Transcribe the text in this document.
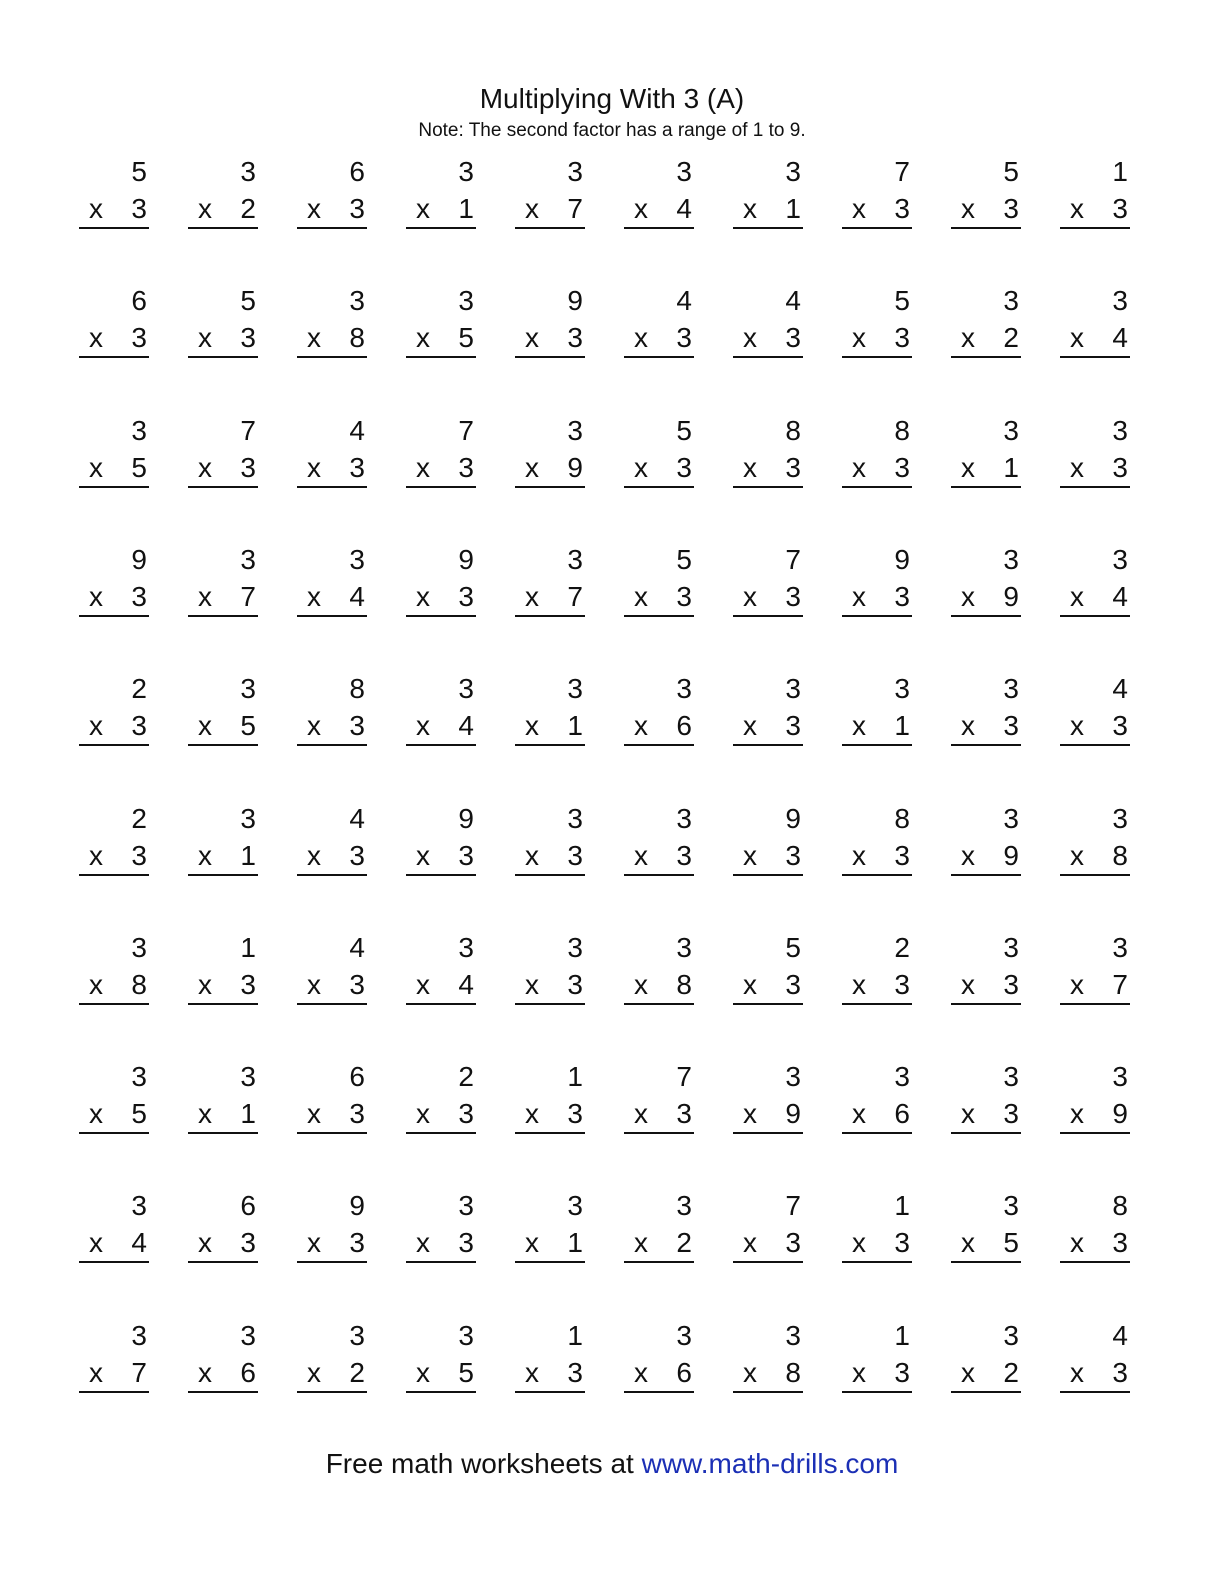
Multiplying With 3 (A)
Note: The second factor has a range of 1 to 9.
5
x 3
3
x 2
6
x 3
3
x 1
3
x 7
3
x 4
3
x 1
7
x 3
5
x 3
1
x 3
6
x 3
5
x 3
3
x 8
3
x 5
9
x 3
4
x 3
4
x 3
5
x 3
3
x 2
3
x 4
3
x 5
7
x 3
4
x 3
7
x 3
3
x 9
5
x 3
8
x 3
8
x 3
3
x 1
3
x 3
9
x 3
3
x 7
3
x 4
9
x 3
3
x 7
5
x 3
7
x 3
9
x 3
3
x 9
3
x 4
2
x 3
3
x 5
8
x 3
3
x 4
3
x 1
3
x 6
3
x 3
3
x 1
3
x 3
4
x 3
2
x 3
3
x 1
4
x 3
9
x 3
3
x 3
3
x 3
9
x 3
8
x 3
3
x 9
3
x 8
3
x 8
1
x 3
4
x 3
3
x 4
3
x 3
3
x 8
5
x 3
2
x 3
3
x 3
3
x 7
3
x 5
3
x 1
6
x 3
2
x 3
1
x 3
7
x 3
3
x 9
3
x 6
3
x 3
3
x 9
3
x 4
6
x 3
9
x 3
3
x 3
3
x 1
3
x 2
7
x 3
1
x 3
3
x 5
8
x 3
3
x 7
3
x 6
3
x 2
3
x 5
1
x 3
3
x 6
3
x 8
1
x 3
3
x 2
4
x 3
Free math worksheets at www.math-drills.com
